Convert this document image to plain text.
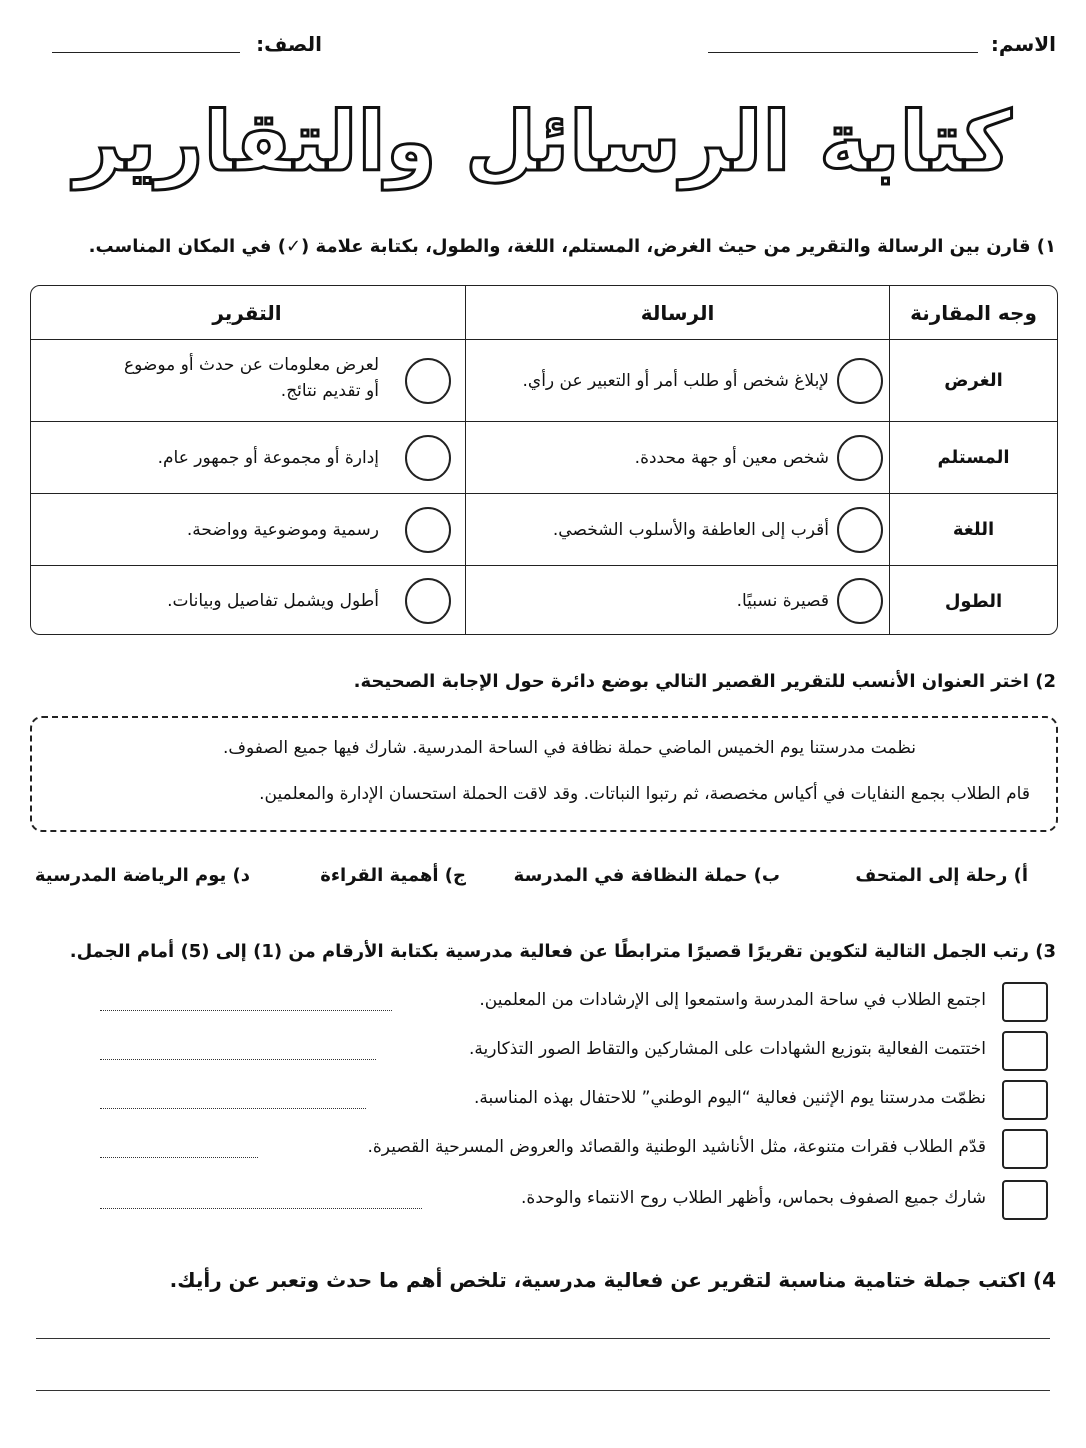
الاسم:
الصف:
كتابة الرسائل والتقارير
١) قارن بين الرسالة والتقرير من حيث الغرض، المستلم، اللغة، والطول، بكتابة علامة (✓) في المكان المناسب.
وجه المقارنة
الرسالة
التقرير
الغرض
لإبلاغ شخص أو طلب أمر أو التعبير عن رأي.
لعرض معلومات عن حدث أو موضوع
أو تقديم نتائج.
المستلم
شخص معين أو جهة محددة.
إدارة أو مجموعة أو جمهور عام.
اللغة
أقرب إلى العاطفة والأسلوب الشخصي.
رسمية وموضوعية وواضحة.
الطول
قصيرة نسبيًا.
أطول ويشمل تفاصيل وبيانات.
2) اختر العنوان الأنسب للتقرير القصير التالي بوضع دائرة حول الإجابة الصحيحة.
نظمت مدرستنا يوم الخميس الماضي حملة نظافة في الساحة المدرسية. شارك فيها جميع الصفوف.
قام الطلاب بجمع النفايات في أكياس مخصصة، ثم رتبوا النباتات. وقد لاقت الحملة استحسان الإدارة والمعلمين.
أ) رحلة إلى المتحف
ب) حملة النظافة في المدرسة
ج) أهمية القراءة
د) يوم الرياضة المدرسية
3) رتب الجمل التالية لتكوين تقريرًا قصيرًا مترابطًا عن فعالية مدرسية بكتابة الأرقام من (1) إلى (5) أمام الجمل.
اجتمع الطلاب في ساحة المدرسة واستمعوا إلى الإرشادات من المعلمين.
اختتمت الفعالية بتوزيع الشهادات على المشاركين والتقاط الصور التذكارية.
نظمّت مدرستنا يوم الإثنين فعالية “اليوم الوطني” للاحتفال بهذه المناسبة.
قدّم الطلاب فقرات متنوعة، مثل الأناشيد الوطنية والقصائد والعروض المسرحية القصيرة.
شارك جميع الصفوف بحماس، وأظهر الطلاب روح الانتماء والوحدة.
4) اكتب جملة ختامية مناسبة لتقرير عن فعالية مدرسية، تلخص أهم ما حدث وتعبر عن رأيك.
